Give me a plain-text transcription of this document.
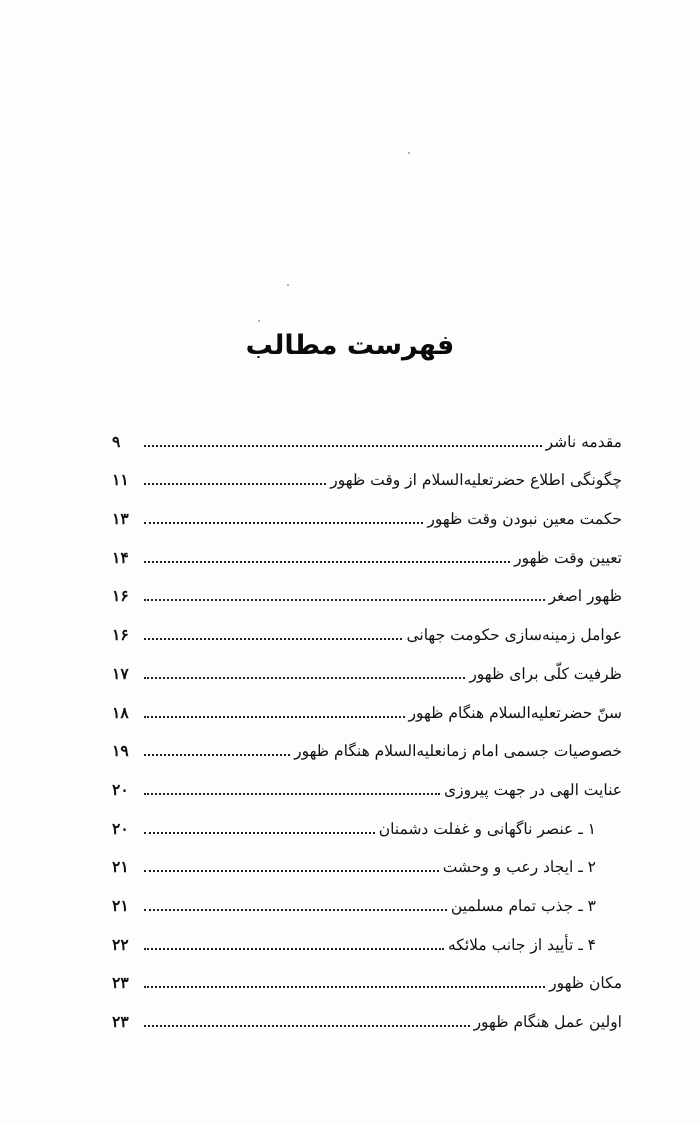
فهرست مطالب
مقدمه ناشر
۹
چگونگی اطلاع حضرتعلیه‌السلام از وقت ظهور
۱۱
حکمت معین نبودن وقت ظهور
۱۳
تعیین وقت ظهور
۱۴
ظهور اصغر
۱۶
عوامل زمینه‌سازی حکومت جهانی
۱۶
ظرفیت کلّی برای ظهور
۱۷
سنّ حضرتعلیه‌السلام هنگام ظهور
۱۸
خصوصیات جسمی امام زمانعلیه‌السلام هنگام ظهور
۱۹
عنایت الهی در جهت پیروزی
۲۰
۱ ـ عنصر ناگهانی و غفلت دشمنان
۲۰
۲ ـ ایجاد رعب و وحشت
۲۱
۳ ـ جذب تمام مسلمین
۲۱
۴ ـ تأیید از جانب ملائکه
۲۲
مکان ظهور
۲۳
اولین عمل هنگام ظهور
۲۳
